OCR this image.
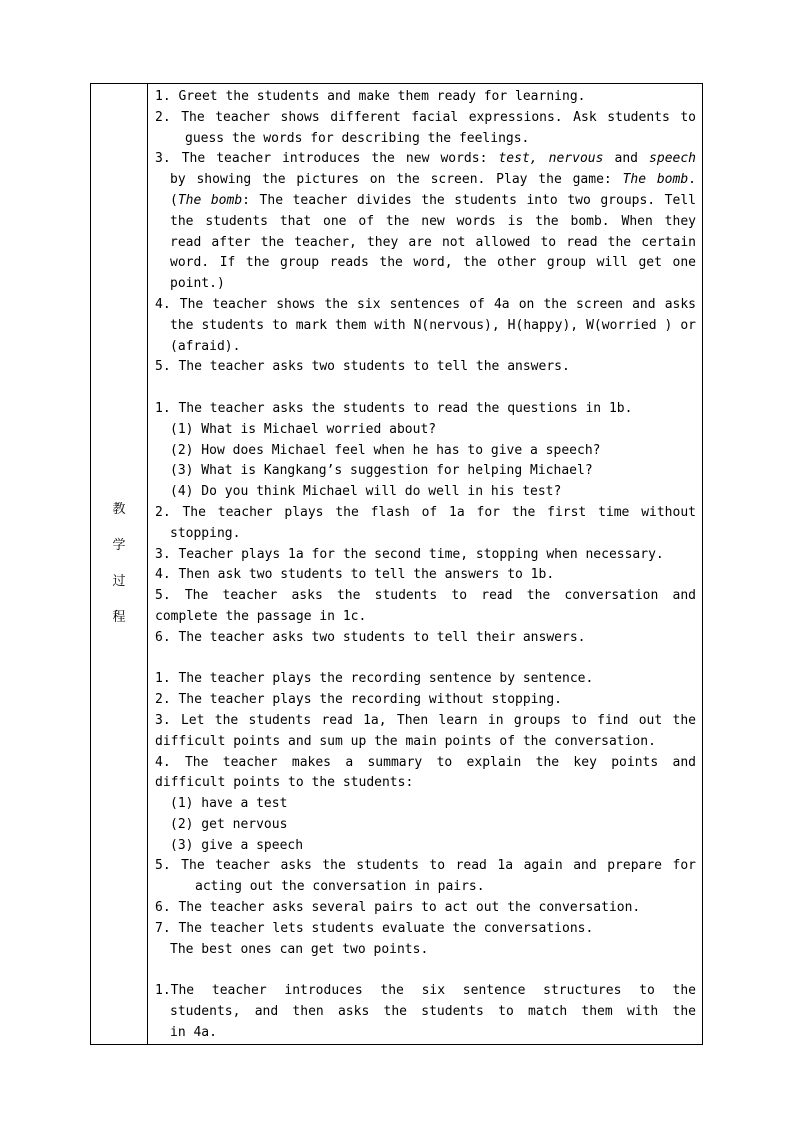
教
学
过
程

1. Greet the students and make them ready for learning.
2. The teacher shows different facial expressions. Ask students to
guess the words for describing the feelings.
3. The teacher introduces the new words: test, nervous and speech
by showing the pictures on the screen. Play the game: The bomb.
(The bomb: The teacher divides the students into two groups. Tell
the students that one of the new words is the bomb. When they
read after the teacher, they are not allowed to read the certain
word. If the group reads the word, the other group will get one
point.)
4. The teacher shows the six sentences of 4a on the screen and asks
the students to mark them with N(nervous), H(happy), W(worried ) or
(afraid).
5. The teacher asks two students to tell the answers.
1. The teacher asks the students to read the questions in 1b.
(1) What is Michael worried about?
(2) How does Michael feel when he has to give a speech?
(3) What is Kangkang’s suggestion for helping Michael?
(4) Do you think Michael will do well in his test?
2. The teacher plays the flash of 1a for the first time without
stopping.
3. Teacher plays 1a for the second time, stopping when necessary.
4. Then ask two students to tell the answers to 1b.
5. The teacher asks the students to read the conversation and
complete the passage in 1c.
6. The teacher asks two students to tell their answers.
1. The teacher plays the recording sentence by sentence.
2. The teacher plays the recording without stopping.
3. Let the students read 1a, Then learn in groups to find out the
difficult points and sum up the main points of the conversation.
4. The teacher makes a summary to explain the key points and
difficult points to the students:
(1) have a test
(2) get nervous
(3) give a speech
5. The teacher asks the students to read 1a again and prepare for
acting out the conversation in pairs.
6. The teacher asks several pairs to act out the conversation.
7. The teacher lets students evaluate the conversations.
The best ones can get two points.
1.The teacher introduces the six sentence structures to the
students, and then asks the students to match them with the
in 4a.
